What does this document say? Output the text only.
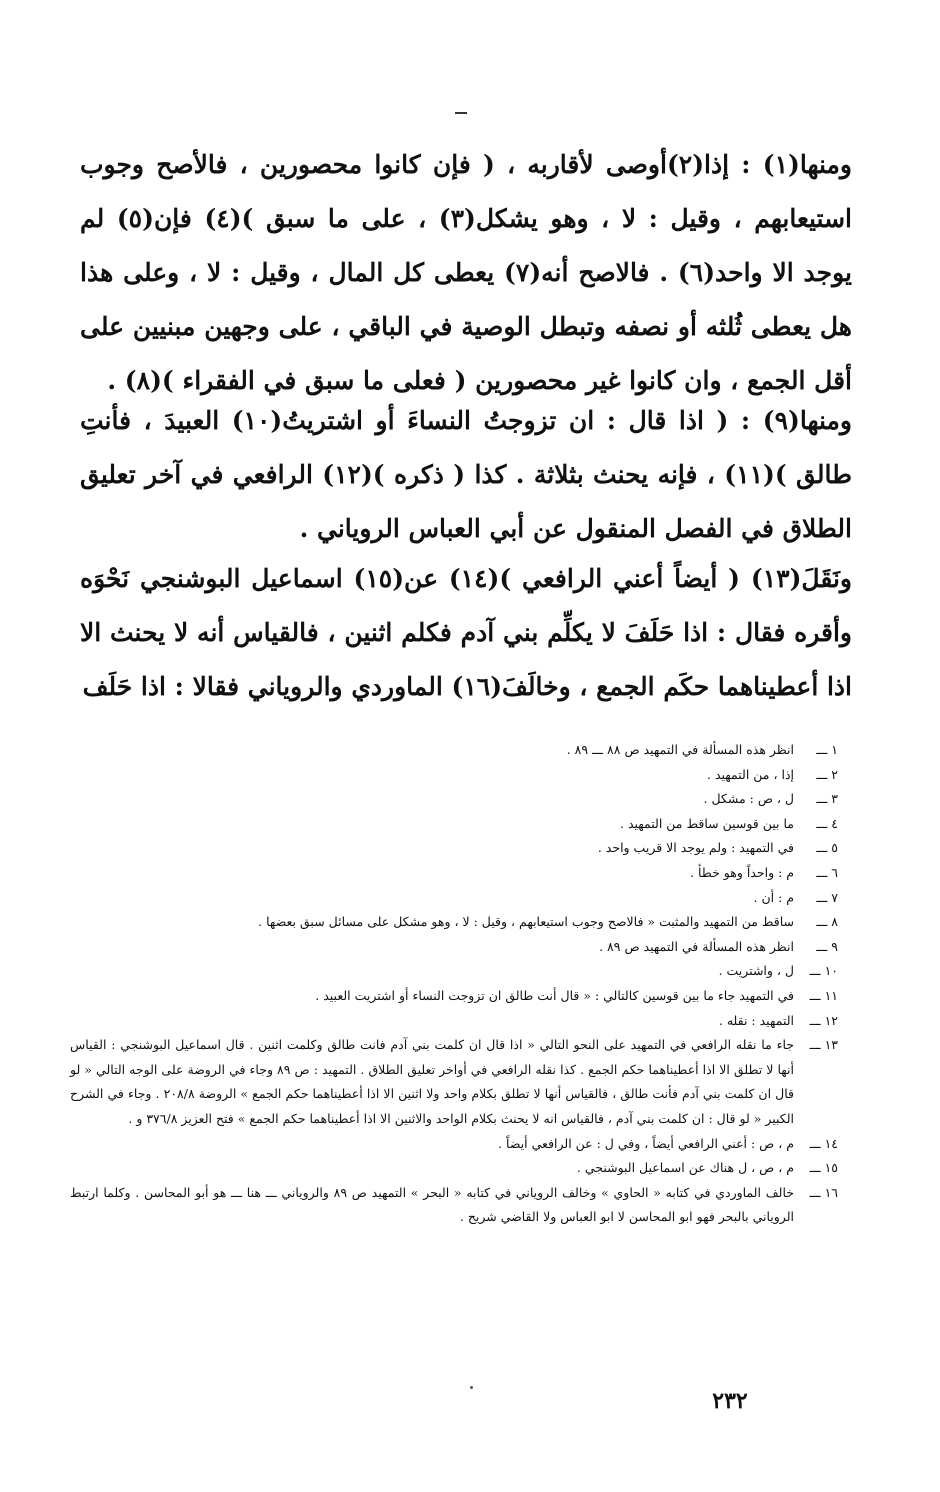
ومنها(١) : إذا(٢)أوصى لأقاربه ، ( فإن كانوا محصورين ، فالأصح وجوب استيعابهم ، وقيل : لا ، وهو يشكل(٣) ، على ما سبق )(٤) فإن(٥) لم يوجد الا واحد(٦) . فالاصح أنه(٧) يعطى كل المال ، وقيل : لا ، وعلى هذا هل يعطى ثُلثه أو نصفه وتبطل الوصية في الباقي ، على وجهين مبنيين على أقل الجمع ، وان كانوا غير محصورين ( فعلى ما سبق في الفقراء )(٨) .

ومنها(٩) : ( اذا قال : ان تزوجتُ النساءَ أو اشتريتُ(١٠) العبيدَ ، فأنتِ طالق )(١١) ، فإنه يحنث بثلاثة . كذا ( ذكره )(١٢) الرافعي في آخر تعليق الطلاق في الفصل المنقول عن أبي العباس الروياني .

ونَقَلَ(١٣) ( أيضاً أعني الرافعي )(١٤) عن(١٥) اسماعيل البوشنجي نَحْوَه وأقره فقال : اذا حَلَفَ لا يكلِّم بني آدم فكلم اثنين ، فالقياس أنه لا يحنث الا اذا أعطيناهما حكَم الجمع ، وخالَفَ(١٦) الماوردي والروياني فقالا : اذا حَلَف

١ ـــ
انظر هذه المسألة في التمهيد ص ٨٨ ـــ ٨٩ .
٢ ـــ
إذا ، من التمهيد .
٣ ـــ
ل ، ص : مشكل .
٤ ـــ
ما بين قوسين ساقط من التمهيد .
٥ ـــ
في التمهيد : ولم يوجد الا قريب واحد .
٦ ـــ
م : واحداً وهو خطأ .
٧ ـــ
م : أن .
٨ ـــ
ساقط من التمهيد والمثبت « فالاصح وجوب استيعابهم ، وقيل : لا ، وهو مشكل على مسائل سبق بعضها .
٩ ـــ
انظر هذه المسألة في التمهيد ص ٨٩ .
١٠ ـــ
ل ، واشتريت .
١١ ـــ
في التمهيد جاء ما بين قوسين كالتالي : « قال أنت طالق ان تزوجت النساء أو اشتريت العبيد .
١٢ ـــ
التمهيد : نقله .
١٣ ـــ
جاء ما نقله الرافعي في التمهيد على النحو التالي « اذا قال ان كلمت بني آدم فانت طالق وكلمت اثنين . قال اسماعيل البوشنجي : القياس أنها لا تطلق الا اذا أعطيناهما حكم الجمع . كذا نقله الرافعي في أواخر تعليق الطلاق . التمهيد : ص ٨٩ وجاء في الروضة على الوجه التالي « لو قال ان كلمت بني آدم فأنت طالق ، فالقياس أنها لا تطلق بكلام واحد ولا اثنين الا اذا أعطيناهما حكم الجمع » الروضة ٢٠٨/٨ . وجاء في الشرح الكبير « لو قال : ان كلمت بني آدم ، فالقياس انه لا يحنث بكلام الواحد والاثنين الا اذا أعطيناهما حكم الجمع » فتح العزيز ٣٧٦/٨ و .
١٤ ـــ
م ، ص : أعني الرافعي أيضاً ، وفي ل : عن الرافعي أيضاً .
١٥ ـــ
م ، ص ، ل هناك عن اسماعيل البوشنجي .
١٦ ـــ
خالف الماوردي في كتابه « الحاوي » وخالف الروياني في كتابه « البحر » التمهيد ص ٨٩ والروياني ـــ هنا ـــ هو أبو المحاسن . وكلما ارتبط الروياني بالبحر فهو ابو المحاسن لا ابو العباس ولا القاضي شريح .
٢٣٢
